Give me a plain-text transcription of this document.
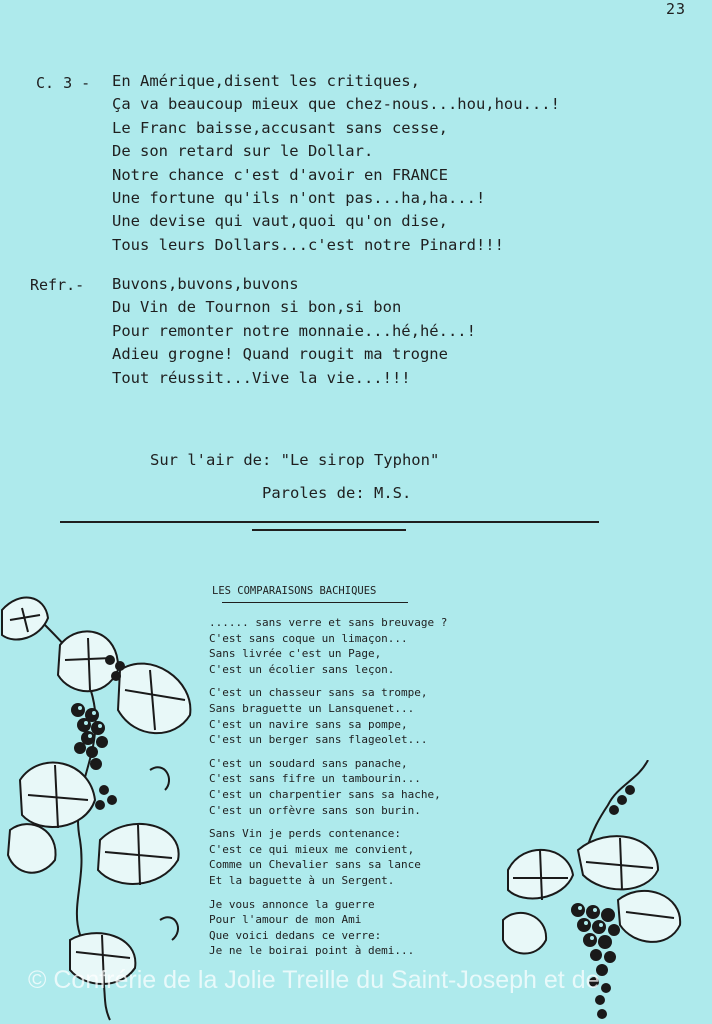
23
C. 3 - En Amérique,disent les critiques,
Ça va beaucoup mieux que chez-nous...hou,hou...!
Le Franc baisse,accusant sans cesse,
De son retard sur le Dollar.
Notre chance c'est d'avoir en FRANCE
Une fortune qu'ils n'ont pas...ha,ha...!
Une devise qui vaut,quoi qu'on dise,
Tous leurs Dollars...c'est notre Pinard!!!
Refr.- Buvons,buvons,buvons
Du Vin de Tournon si bon,si bon
Pour remonter notre monnaie...hé,hé...!
Adieu grogne! Quand rougit ma trogne
Tout réussit...Vive la vie...!!!
Sur l'air de: "Le sirop Typhon"
Paroles de: M.S.
LES COMPARAISONS BACHIQUES
...... sans verre et sans breuvage ?
C'est sans coque un limaçon...
Sans livrée c'est un Page,
C'est un écolier sans leçon.
C'est un chasseur sans sa trompe,
Sans braguette un Lansquenet...
C'est un navire sans sa pompe,
C'est un berger sans flageolet...
C'est un soudard sans panache,
C'est sans fifre un tambourin...
C'est un charpentier sans sa hache,
C'est un orfèvre sans son burin.
Sans Vin je perds contenance:
C'est ce qui mieux me convient,
Comme un Chevalier sans sa lance
Et la baguette à un Sergent.
Je vous annonce la guerre
Pour l'amour de mon Ami
Que voici dedans ce verre:
Je ne le boirai point à demi...
© Confrérie de la Jolie Treille du Saint-Joseph et de
